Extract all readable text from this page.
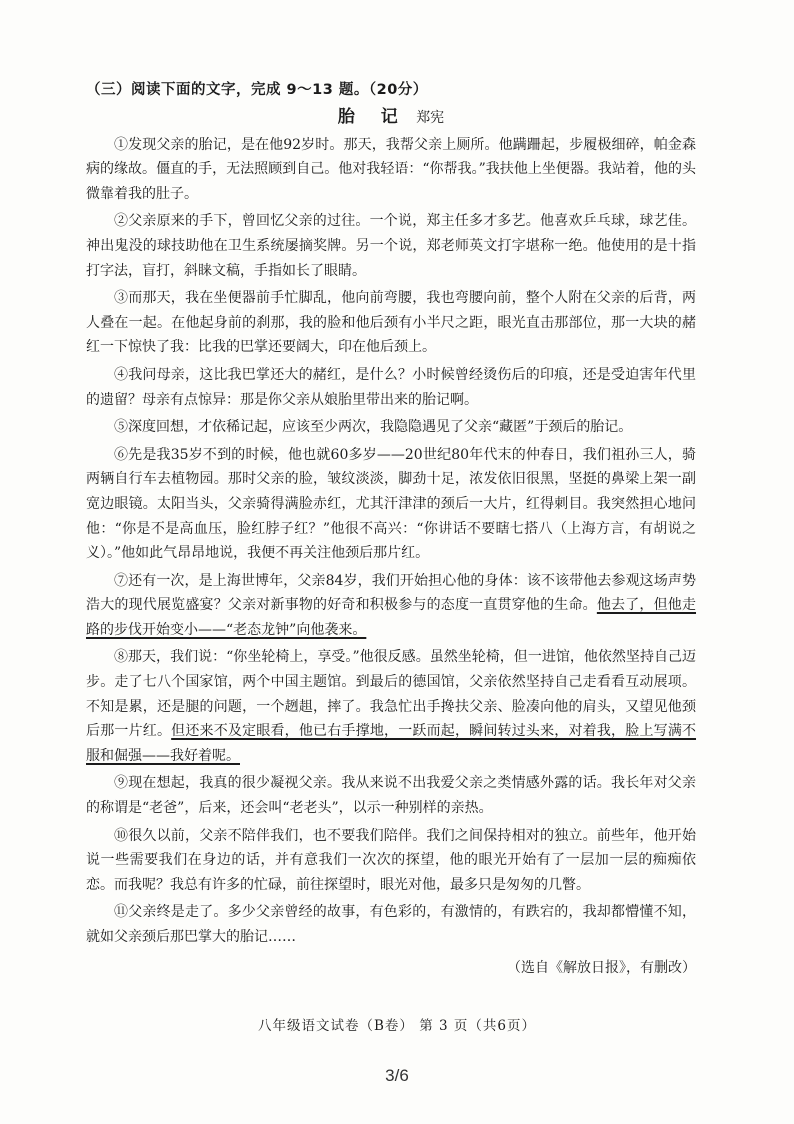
（三）阅读下面的文字，完成 9～13 题。（20分）
胎 记 郑宪

①发现父亲的胎记，是在他92岁时。那天，我帮父亲上厕所。他蹒跚起，步履极细碎，帕金森病的缘故。僵直的手，无法照顾到自己。他对我轻语：“你帮我。”我扶他上坐便器。我站着，他的头微靠着我的肚子。

②父亲原来的手下，曾回忆父亲的过往。一个说，郑主任多才多艺。他喜欢乒乓球，球艺佳。神出鬼没的球技助他在卫生系统屡摘奖牌。另一个说，郑老师英文打字堪称一绝。他使用的是十指打字法，盲打，斜睐文稿，手指如长了眼睛。

③而那天，我在坐便器前手忙脚乱，他向前弯腰，我也弯腰向前，整个人附在父亲的后背，两人叠在一起。在他起身前的刹那，我的脸和他后颈有小半尺之距，眼光直击那部位，那一大块的赭红一下惊快了我：比我的巴掌还要阔大，印在他后颈上。

④我问母亲，这比我巴掌还大的赭红，是什么？小时候曾经烫伤后的印痕，还是受迫害年代里的遗留？母亲有点惊异：那是你父亲从娘胎里带出来的胎记啊。

⑤深度回想，才依稀记起，应该至少两次，我隐隐遇见了父亲“藏匿”于颈后的胎记。

⑥先是我35岁不到的时候，他也就60多岁——20世纪80年代末的仲春日，我们祖孙三人，骑两辆自行车去植物园。那时父亲的脸，皱纹淡淡，脚劲十足，浓发依旧很黑，坚挺的鼻梁上架一副宽边眼镜。太阳当头，父亲骑得满脸赤红，尤其汗津津的颈后一大片，红得刺目。我突然担心地问他：“你是不是高血压，脸红脖子红？”他很不高兴：“你讲话不要瞎七搭八（上海方言，有胡说之义）。”他如此气昂昂地说，我便不再关注他颈后那片红。

⑦还有一次，是上海世博年，父亲84岁，我们开始担心他的身体：该不该带他去参观这场声势浩大的现代展览盛宴？父亲对新事物的好奇和积极参与的态度一直贯穿他的生命。他去了，但他走路的步伐开始变小——“老态龙钟”向他袭来。

⑧那天，我们说：“你坐轮椅上，享受。”他很反感。虽然坐轮椅，但一进馆，他依然坚持自己迈步。走了七八个国家馆，两个中国主题馆。到最后的德国馆，父亲依然坚持自己走看看互动展项。不知是累，还是腿的问题，一个趔趄，摔了。我急忙出手搀扶父亲、脸凑向他的肩头，又望见他颈后那一片红。但还来不及定眼看，他已右手撑地，一跃而起，瞬间转过头来，对着我，脸上写满不服和倔强——我好着呢。

⑨现在想起，我真的很少凝视父亲。我从来说不出我爱父亲之类情感外露的话。我长年对父亲的称谓是“老爸”，后来，还会叫“老老头”，以示一种别样的亲热。

⑩很久以前，父亲不陪伴我们，也不要我们陪伴。我们之间保持相对的独立。前些年，他开始说一些需要我们在身边的话，并有意我们一次次的探望，他的眼光开始有了一层加一层的痴痴依恋。而我呢？我总有许多的忙碌，前往探望时，眼光对他，最多只是匆匆的几瞥。

⑪父亲终是走了。多少父亲曾经的故事，有色彩的，有激情的，有跌宕的，我却都懵懂不知，就如父亲颈后那巴掌大的胎记……

（选自《解放日报》，有删改）
八年级语文试卷（B卷） 第 3 页（共6页）
3/6
